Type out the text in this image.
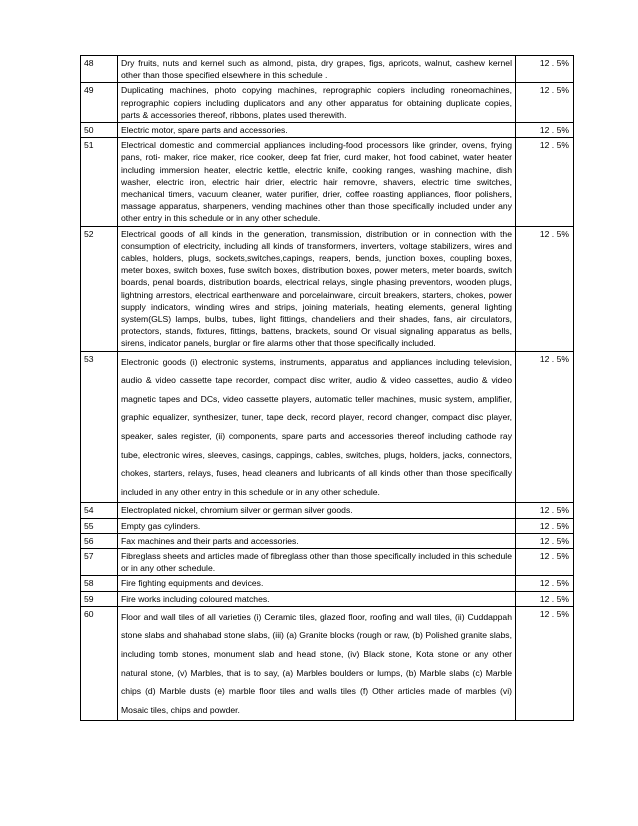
48	Dry fruits, nuts and kernel such as almond, pista, dry grapes, figs, apricots, walnut, cashew kernel other than those specified elsewhere in this schedule .	12 . 5%
49	Duplicating machines, photo copying machines, reprographic copiers including roneomachines, reprographic copiers including duplicators and any other apparatus for obtaining duplicate copies, parts & accessories thereof, ribbons, plates used therewith.	12 . 5%
50	Electric motor, spare parts and accessories.	12 . 5%
51	Electrical domestic and commercial appliances including-food processors like grinder, ovens, frying pans, roti- maker, rice maker, rice cooker, deep fat frier, curd maker, hot food cabinet, water heater including immersion heater, electric kettle, electric knife, cooking ranges, washing machine, dish washer, electric iron, electric hair drier, electric hair removre, shavers, electric time switches, mechanical timers, vacuum cleaner, water purifier, drier, coffee roasting appliances, floor polishers, massage apparatus, sharpeners, vending machines other than those specifically included under any other entry in this schedule or in any other schedule.	12 . 5%
52	Electrical goods of all kinds in the generation, transmission, distribution or in connection with the consumption of electricity, including all kinds of transformers, inverters, voltage stabilizers, wires and cables, holders, plugs, sockets,switches,capings, reapers, bends, junction boxes, coupling boxes, meter boxes, switch boxes, fuse switch boxes, distribution boxes, power meters, meter boards, switch boards, penal boards, distribution boards, electrical relays, single phasing preventors, wooden plugs, lightning arrestors, electrical earthenware and porcelainware, circuit breakers, starters, chokes, power supply indicators, winding wires and strips, joining materials, heating elements, general lighting system(GLS) lamps, bulbs, tubes, light fittings, chandeliers and their shades, fans, air circulators, protectors, stands, fixtures, fittings, battens, brackets, sound Or visual signaling apparatus as bells, sirens, indicator panels, burglar or fire alarms other that those specifically included.	12 . 5%
53	Electronic goods (i) electronic systems, instruments, apparatus and appliances including television, audio & video cassette tape recorder, compact disc writer, audio & video cassettes, audio & video magnetic tapes and DCs, video cassette players, automatic teller machines, music system, amplifier, graphic equalizer, synthesizer, tuner, tape deck, record player, record changer, compact disc player, speaker, sales register, (ii) components, spare parts and accessories thereof including cathode ray tube, electronic wires, sleeves, casings, cappings, cables, switches, plugs, holders, jacks, connectors, chokes, starters, relays, fuses, head cleaners and lubricants of all kinds other than those specifically included in any other entry in this schedule or in any other schedule.	12 . 5%
54	Electroplated nickel, chromium silver or german silver goods.	12 . 5%
55	Empty gas cylinders.	12 . 5%
56	Fax machines and their parts and accessories.	12 . 5%
57	Fibreglass sheets and articles made of fibreglass other than those specifically included in this schedule or in any other schedule.	12 . 5%
58	Fire fighting equipments and devices.	12 . 5%
59	Fire works including coloured matches.	12 . 5%
60	Floor and wall tiles of all varieties (i) Ceramic tiles, glazed floor, roofing and wall tiles, (ii) Cuddappah stone slabs and shahabad stone slabs, (iii) (a) Granite blocks (rough or raw, (b) Polished granite slabs, including tomb stones, monument slab and head stone, (iv) Black stone, Kota stone or any other natural stone, (v) Marbles, that is to say, (a) Marbles boulders or lumps, (b) Marble slabs (c) Marble chips (d) Marble dusts (e) marble floor tiles and walls tiles (f) Other articles made of marbles (vi) Mosaic tiles, chips and powder.	12 . 5%
